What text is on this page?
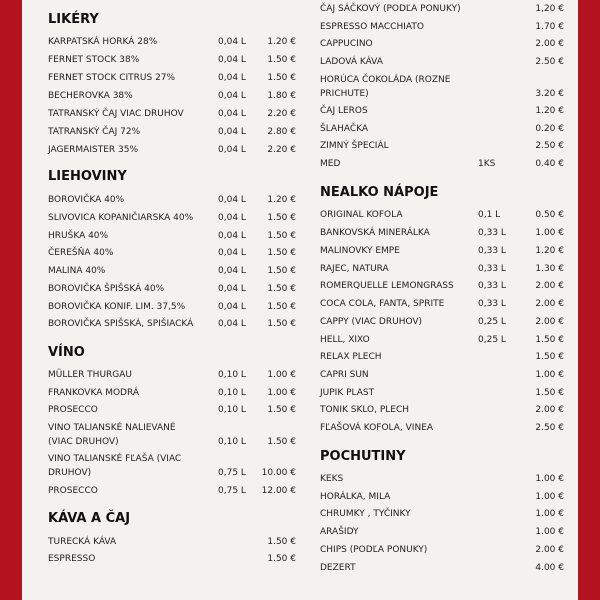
LIKÉRY
KARPATSKÁ HORKÁ 28%	0,04 L 1.20 €
FERNET STOCK 38%	0,04 L 1.50 €
FERNET STOCK CITRUS 27%	0,04 L 1.50 €
BECHEROVKA 38%	0,04 L 1.80 €
TATRANSKÝ ČAJ VIAC DRUHOV	0,04 L 2.20 €
TATRANSKÝ ČAJ 72%	0,04 L 2.80 €
JAGERMAISTER 35%	0,04 L 2.20 €
LIEHOVINY
BOROVIČKA 40%	0,04 L 1.20 €
SLIVOVICA KOPANIČIARSKA 40%	0,04 L 1.50 €
HRUŠKA 40%	0,04 L 1.50 €
ČEREŠŇA 40%	0,04 L 1.50 €
MALINA 40%	0,04 L 1.50 €
BOROVIČKA ŠPIŠSKÁ 40%	0,04 L 1.50 €
BOROVIČKA KONIF. LIM. 37,5%	0,04 L 1.50 €
BOROVIČKA SPIŠSKÁ, SPIŠIACKÁ	0,04 L 1.50 €
VÍNO
MÜLLER THURGAU	0,10 L 1.00 €
FRANKOVKA MODRÁ	0,10 L 1.00 €
PROSECCO	0,10 L 1.50 €
VINO TALIANSKÉ NALIEVANÉ (VIAC DRUHOV)	0,10 L 1.50 €
VINO TALIANSKÉ FĽAŠA (VIAC DRUHOV)	0,75 L 10.00 €
PROSECCO	0,75 L 12.00 €
KÁVA A ČAJ
TURECKÁ KÁVA	1.50 €
ESPRESSO	1.50 €
ČAJ SÁČKOVÝ (PODĽA PONUKY)	1,20 €
ESPRESSO MACCHIATO	1.70 €
CAPPUCINO	2.00 €
LADOVÁ KÁVA	2.50 €
HORÚCA ČOKOLÁDA (ROZNE PRICHUTE)	3.20 €
ČAJ LEROS	1.20 €
ŠLAHAČKA	0.20 €
ZIMNÝ ŠPECIÁL	2.50 €
MED	1KS	0.40 €
NEALKO NÁPOJE
ORIGINAL KOFOLA	0,1 L	0.50 €
BANKOVSKÁ MINERÁLKA	0,33 L	1.00 €
MALINOVKY EMPE	0,33 L	1.20 €
RAJEC, NATURA	0,33 L	1.30 €
ROMERQUELLE LEMONGRASS	0,33 L	2.00 €
COCA COLA, FANTA, SPRITE	0,33 L	2.00 €
CAPPY (VIAC DRUHOV)	0,25 L	2.00 €
HELL, XIXO	0,25 L	1.50 €
RELAX PLECH	1.50 €
CAPRI SUN	1.00 €
JUPIK PLAST	1.50 €
TONIK SKLO, PLECH	2.00 €
FĽAŠOVÁ KOFOLA, VINEA	2.50 €
POCHUTINY
KEKS	1.00 €
HORÁLKA, MILA	1.00 €
CHRUMKY , TYČINKY	1.00 €
ARAŠIDY	1.00 €
CHIPS (PODĽA PONUKY)	2.00 €
DEZERT	4.00 €
